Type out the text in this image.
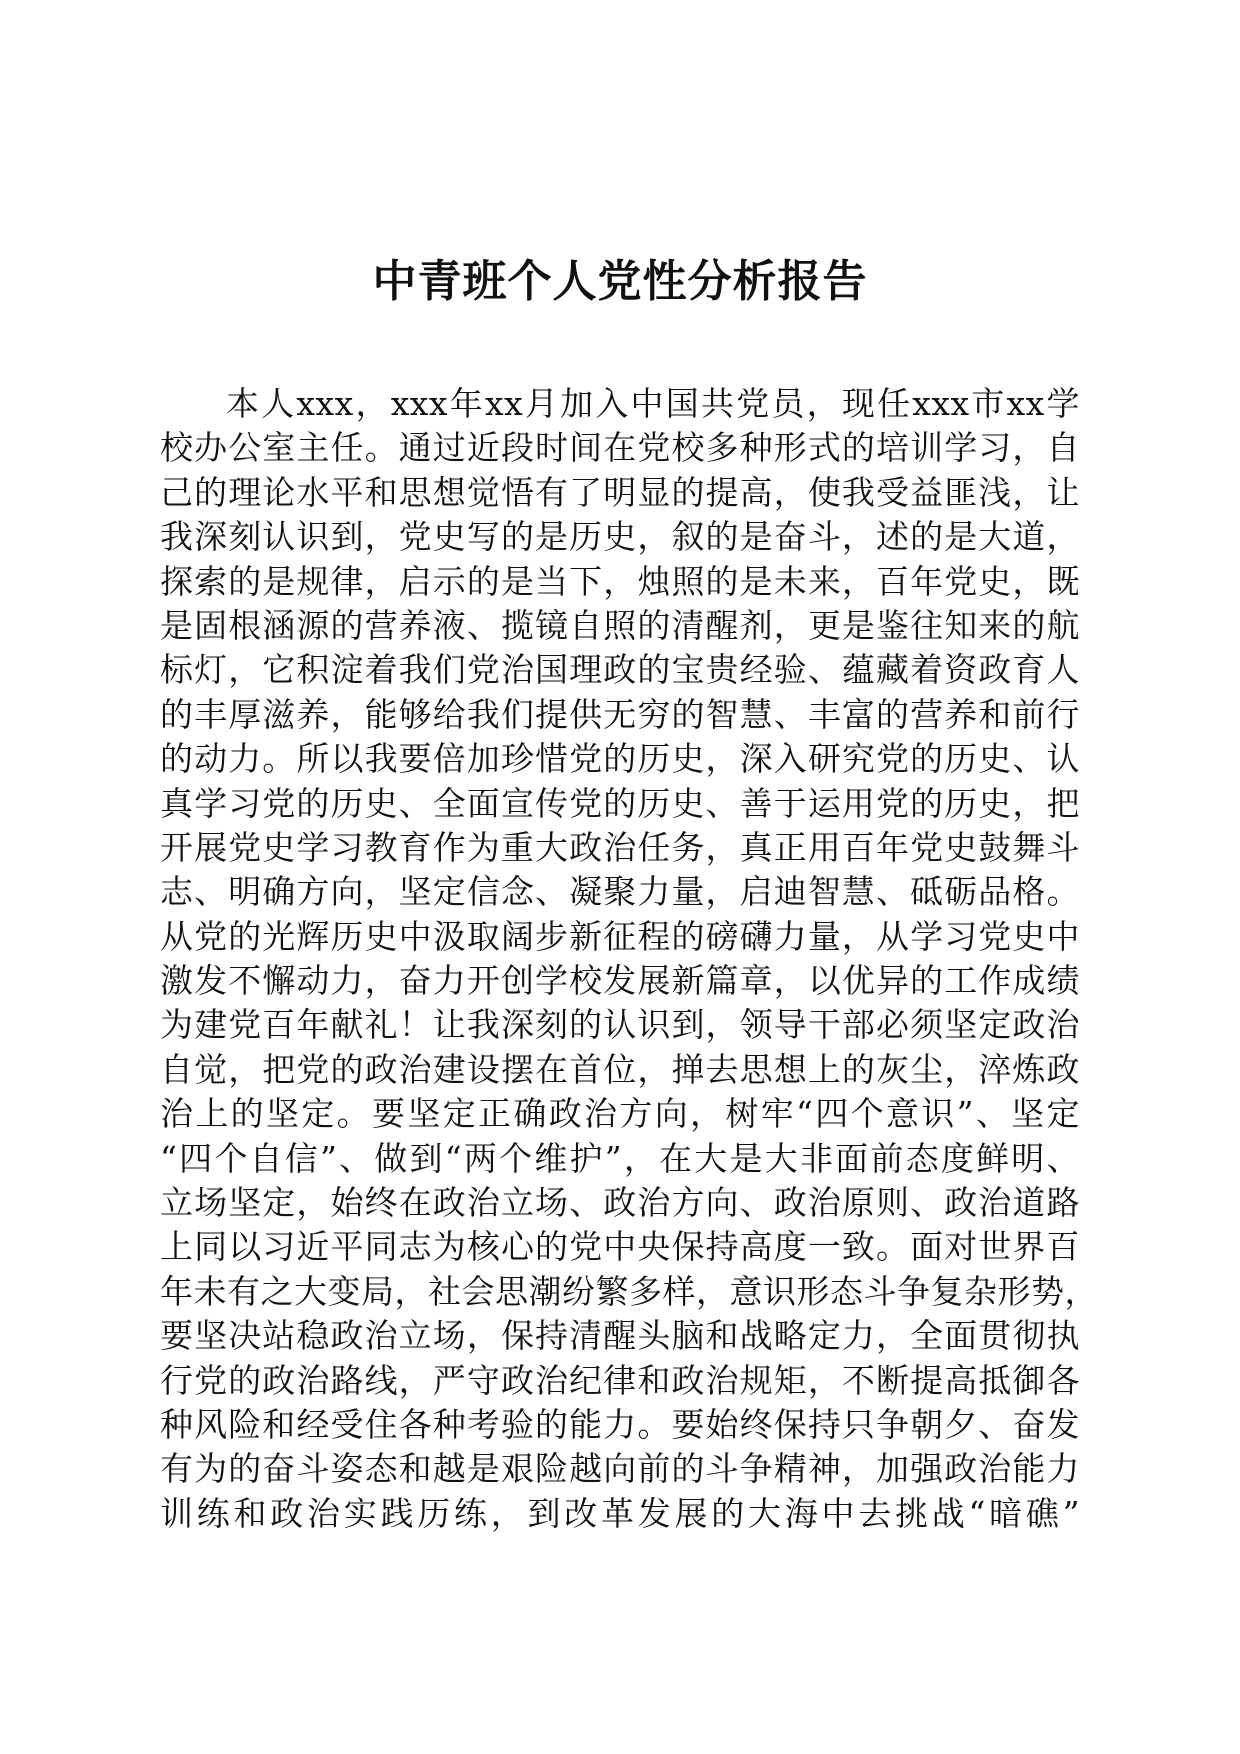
中青班个人党性分析报告
本人xxx，xxx年xx月加入中国共党员，现任xxx市xx学
校办公室主任。通过近段时间在党校多种形式的培训学习，自
己的理论水平和思想觉悟有了明显的提高，使我受益匪浅，让
我深刻认识到，党史写的是历史，叙的是奋斗，述的是大道，
探索的是规律，启示的是当下，烛照的是未来，百年党史，既
是固根涵源的营养液、揽镜自照的清醒剂，更是鉴往知来的航
标灯，它积淀着我们党治国理政的宝贵经验、蕴藏着资政育人
的丰厚滋养，能够给我们提供无穷的智慧、丰富的营养和前行
的动力。所以我要倍加珍惜党的历史，深入研究党的历史、认
真学习党的历史、全面宣传党的历史、善于运用党的历史，把
开展党史学习教育作为重大政治任务，真正用百年党史鼓舞斗
志、明确方向，坚定信念、凝聚力量，启迪智慧、砥砺品格。
从党的光辉历史中汲取阔步新征程的磅礴力量，从学习党史中
激发不懈动力，奋力开创学校发展新篇章，以优异的工作成绩
为建党百年献礼！让我深刻的认识到，领导干部必须坚定政治
自觉，把党的政治建设摆在首位，掸去思想上的灰尘，淬炼政
治上的坚定。要坚定正确政治方向，树牢“四个意识”、坚定
“四个自信”、做到“两个维护”，在大是大非面前态度鲜明、
立场坚定，始终在政治立场、政治方向、政治原则、政治道路
上同以习近平同志为核心的党中央保持高度一致。面对世界百
年未有之大变局，社会思潮纷繁多样，意识形态斗争复杂形势，
要坚决站稳政治立场，保持清醒头脑和战略定力，全面贯彻执
行党的政治路线，严守政治纪律和政治规矩，不断提高抵御各
种风险和经受住各种考验的能力。要始终保持只争朝夕、奋发
有为的奋斗姿态和越是艰险越向前的斗争精神，加强政治能力
训练和政治实践历练，到改革发展的大海中去挑战“暗礁”
